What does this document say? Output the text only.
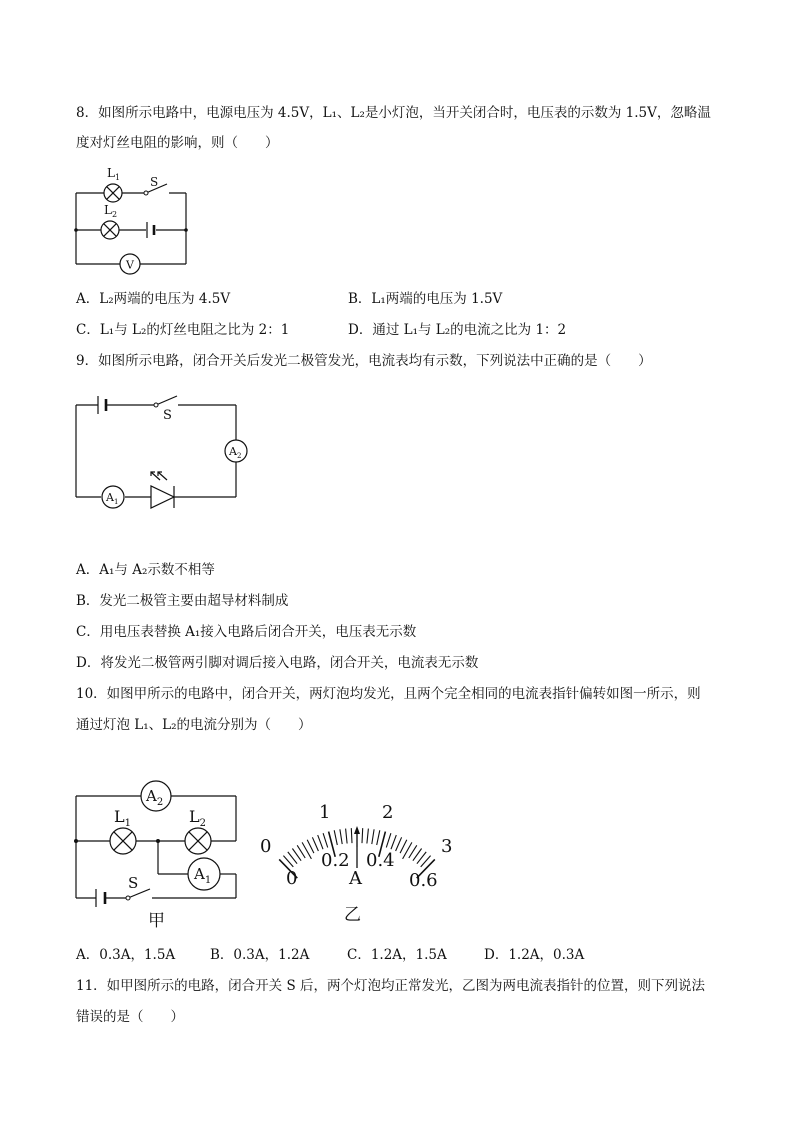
8．如图所示电路中，电源电压为 4.5V，L₁、L₂是小灯泡，当开关闭合时，电压表的示数为 1.5V，忽略温
度对灯丝电阻的影响，则（　　）
V
$L_1$
$L_2$
S
A．L₂两端的电压为 4.5V	B．L₁两端的电压为 1.5V
C．L₁与 L₂的灯丝电阻之比为 2：1	D．通过 L₁与 L₂的电流之比为 1：2
9．如图所示电路，闭合开关后发光二极管发光，电流表均有示数，下列说法中正确的是（　　）
S
$A_2$
$A_1$
A．A₁与 A₂示数不相等
B．发光二极管主要由超导材料制成
C．用电压表替换 A₁接入电路后闭合开关，电压表无示数
D．将发光二极管两引脚对调后接入电路，闭合开关，电流表无示数
10．如图甲所示的电路中，闭合开关，两灯泡均发光，且两个完全相同的电流表指针偏转如图一所示，则
通过灯泡 L₁、L₂的电流分别为（　　）
$A_2$
$L_1$	$L_2$
$A_1$
S
甲
0
1	2
3
0
0.2 0.4
0.6
A
乙
A．0.3A，1.5A	B．0.3A，1.2A	C．1.2A，1.5A	D．1.2A，0.3A
11．如甲图所示的电路，闭合开关 S 后，两个灯泡均正常发光，乙图为两电流表指针的位置，则下列说法
错误的是（　　）
